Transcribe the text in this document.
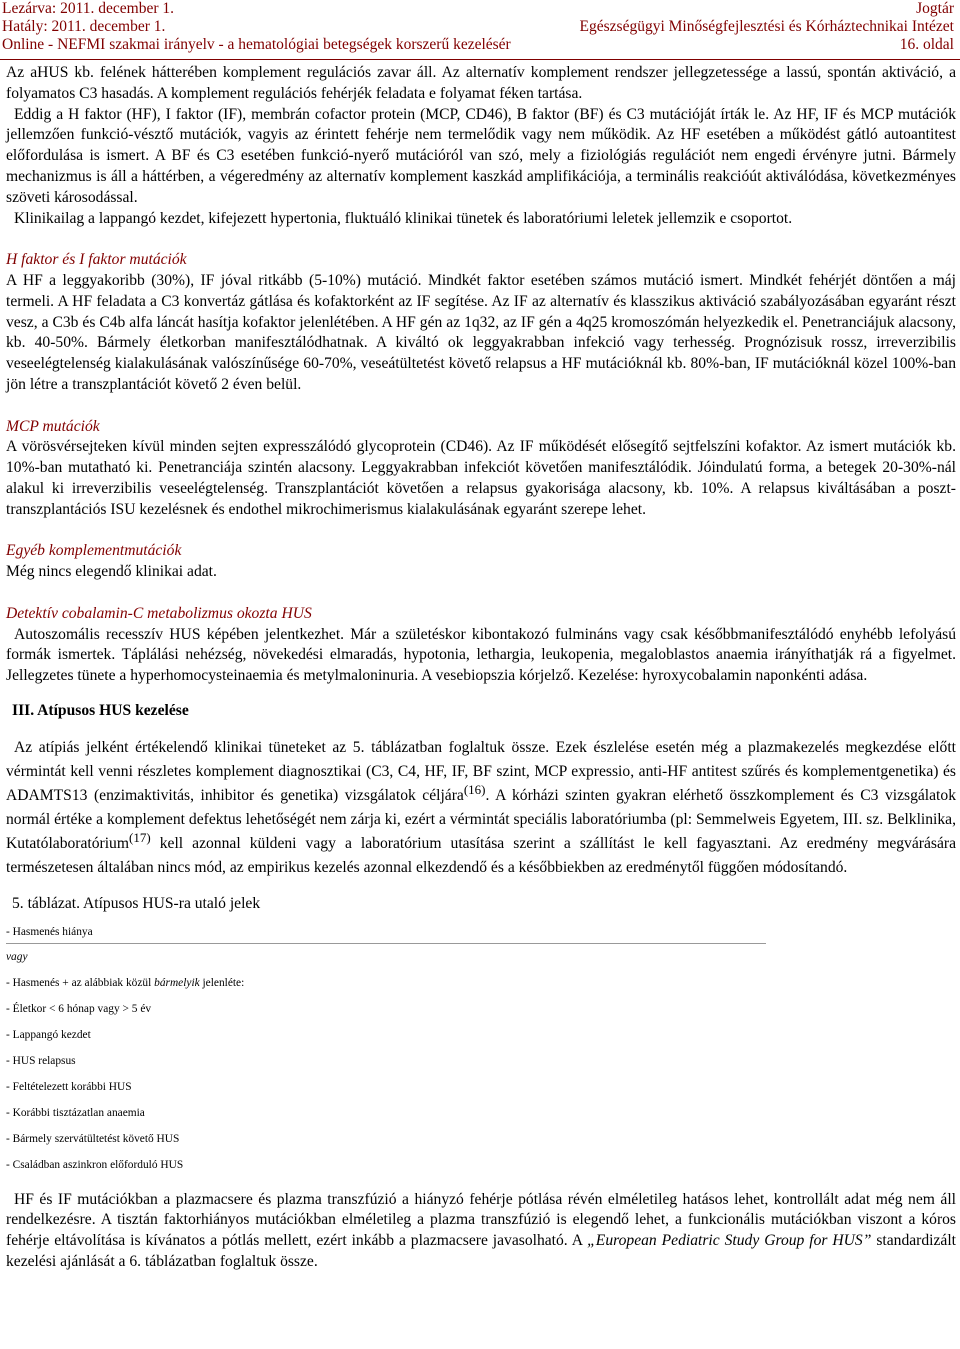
Lezárva: 2011. december 1.	Jogtár
Hatály: 2011. december 1.	Egészségügyi Minőségfejlesztési és Kórháztechnikai Intézet
Online - NEFMI szakmai irányelv - a hematológiai betegségek korszerű kezelésér	16. oldal

Az aHUS kb. felének hátterében komplement regulációs zavar áll. Az alternatív komplement rendszer jellegzetessége a lassú, spontán aktiváció, a folyamatos C3 hasadás. A komplement regulációs fehérjék feladata e folyamat féken tartása.

Eddig a H faktor (HF), I faktor (IF), membrán cofactor protein (MCP, CD46), B faktor (BF) és C3 mutációját írták le. Az HF, IF és MCP mutációk jellemzően funkció-vésztő mutációk, vagyis az érintett fehérje nem termelődik vagy nem működik. Az HF esetében a működést gátló autoantitest előfordulása is ismert. A BF és C3 esetében funkció-nyerő mutációról van szó, mely a fiziológiás regulációt nem engedi érvényre jutni. Bármely mechanizmus is áll a háttérben, a végeredmény az alternatív komplement kaszkád amplifikációja, a terminális reakcióút aktiválódása, következményes szöveti károsodással.

Klinikailag a lappangó kezdet, kifejezett hypertonia, fluktuáló klinikai tünetek és laboratóriumi leletek jellemzik e csoportot.

H faktor és I faktor mutációk

A HF a leggyakoribb (30%), IF jóval ritkább (5-10%) mutáció. Mindkét faktor esetében számos mutáció ismert. Mindkét fehérjét döntően a máj termeli. A HF feladata a C3 konvertáz gátlása és kofaktorként az IF segítése. Az IF az alternatív és klasszikus aktiváció szabályozásában egyaránt részt vesz, a C3b és C4b alfa láncát hasítja kofaktor jelenlétében. A HF gén az 1q32, az IF gén a 4q25 kromoszómán helyezkedik el. Penetranciájuk alacsony, kb. 40-50%. Bármely életkorban manifesztálódhatnak. A kiváltó ok leggyakrabban infekció vagy terhesség. Prognózisuk rossz, irreverzibilis veseelégtelenség kialakulásának valószínűsége 60-70%, veseátültetést követő relapsus a HF mutációknál kb. 80%-ban, IF mutációknál közel 100%-ban jön létre a transzplantációt követő 2 éven belül.

MCP mutációk

A vörösvérsejteken kívül minden sejten expresszálódó glycoprotein (CD46). Az IF működését elősegítő sejtfelszíni kofaktor. Az ismert mutációk kb. 10%-ban mutatható ki. Penetranciája szintén alacsony. Leggyakrabban infekciót követően manifesztálódik. Jóindulatú forma, a betegek 20-30%-nál alakul ki irreverzibilis veseelégtelenség. Transzplantációt követően a relapsus gyakorisága alacsony, kb. 10%. A relapsus kiváltásában a poszt-transzplantációs ISU kezelésnek és endothel mikrochimerismus kialakulásának egyaránt szerepe lehet.

Egyéb komplementmutációk

Még nincs elegendő klinikai adat.

Detektív cobalamin-C metabolizmus okozta HUS

Autoszomális recesszív HUS képében jelentkezhet. Már a születéskor kibontakozó fulmináns vagy csak későbbmanifesztálódó enyhébb lefolyású formák ismertek. Táplálási nehézség, növekedési elmaradás, hypotonia, lethargia, leukopenia, megaloblastos anaemia irányíthatják rá a figyelmet. Jellegzetes tünete a hyperhomocysteinaemia és metylmaloninuria. A vesebiopszia kórjelző. Kezelése: hyroxycobalamin naponkénti adása.

III. Atípusos HUS kezelése

Az atípiás jelként értékelendő klinikai tüneteket az 5. táblázatban foglaltuk össze. Ezek észlelése esetén még a plazmakezelés megkezdése előtt vérmintát kell venni részletes komplement diagnosztikai (C3, C4, HF, IF, BF szint, MCP expressio, anti-HF antitest szűrés és komplementgenetika) és ADAMTS13 (enzimaktivitás, inhibitor és genetika) vizsgálatok céljára$^{(16)}$. A kórházi szinten gyakran elérhető összkomplement és C3 vizsgálatok normál értéke a komplement defektus lehetőségét nem zárja ki, ezért a vérmintát speciális laboratóriumba (pl: Semmelweis Egyetem, III. sz. Belklinika, Kutatólaboratórium$^{(17)}$ kell azonnal küldeni vagy a laboratórium utasítása szerint a szállítást le kell fagyasztani. Az eredmény megvárására természetesen általában nincs mód, az empirikus kezelés azonnal elkezdendő és a későbbiekben az eredménytől függően módosítandó.

5. táblázat. Atípusos HUS-ra utaló jelek

- Hasmenés hiánya
vagy
- Hasmenés + az alábbiak közül bármelyik jelenléte:
- Életkor < 6 hónap vagy > 5 év
- Lappangó kezdet
- HUS relapsus
- Feltételezett korábbi HUS
- Korábbi tisztázatlan anaemia
- Bármely szervátültetést követő HUS
- Családban aszinkron előforduló HUS

HF és IF mutációkban a plazmacsere és plazma transzfúzió a hiányzó fehérje pótlása révén elméletileg hatásos lehet, kontrollált adat még nem áll rendelkezésre. A tisztán faktorhiányos mutációkban elméletileg a plazma transzfúzió is elegendő lehet, a funkcionális mutációkban viszont a kóros fehérje eltávolítása is kívánatos a pótlás mellett, ezért inkább a plazmacsere javasolható. A „European Pediatric Study Group for HUS” standardizált kezelési ajánlását a 6. táblázatban foglaltuk össze.
